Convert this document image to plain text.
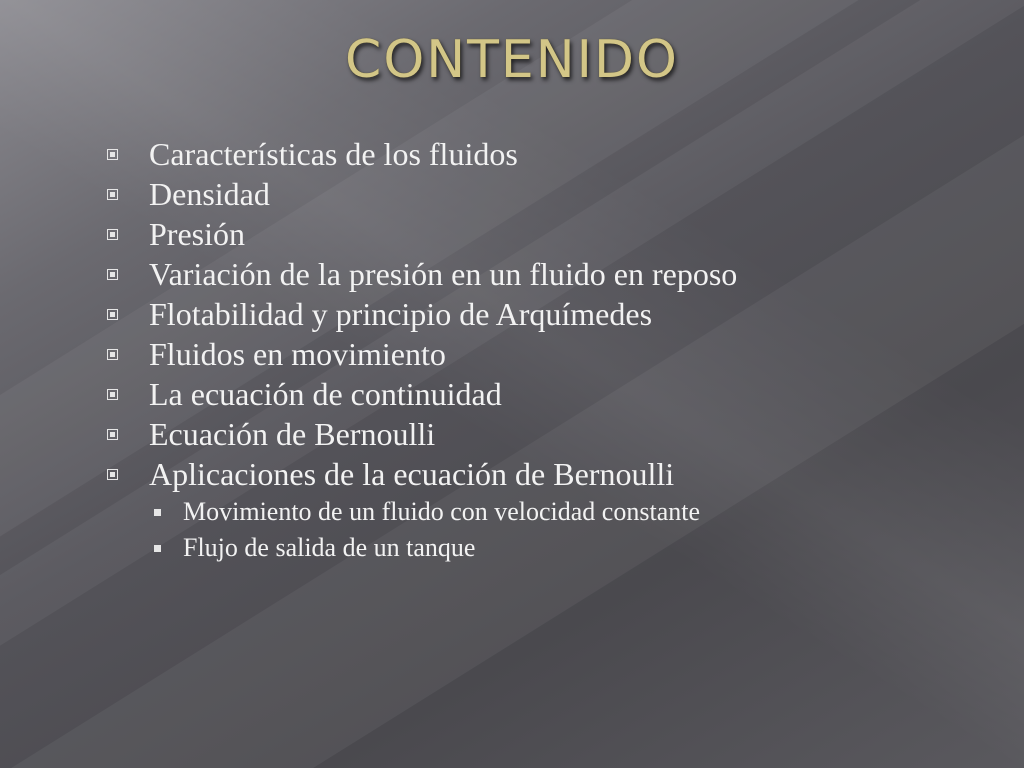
CONTENIDO
Características de los fluidos
Densidad
Presión
Variación de la presión en un fluido en reposo
Flotabilidad y principio de Arquímedes
Fluidos en movimiento
La ecuación de continuidad
Ecuación de Bernoulli
Aplicaciones de la ecuación de Bernoulli
Movimiento de un fluido con velocidad constante
Flujo de salida de un tanque
